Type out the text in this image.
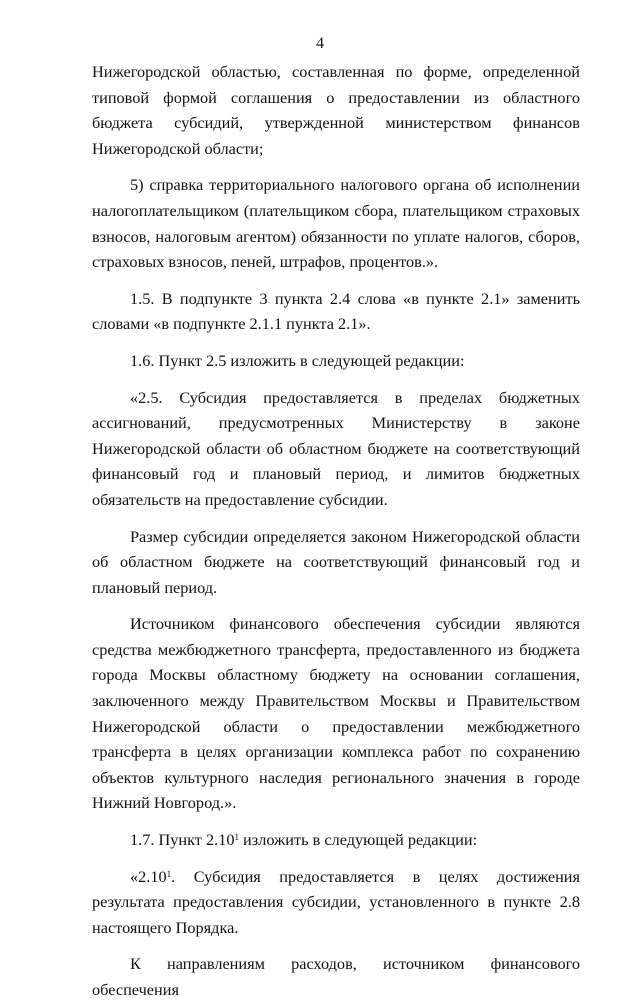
4

Нижегородской областью, составленная по форме, определенной типовой формой соглашения о предоставлении из областного бюджета субсидий, утвержденной министерством финансов Нижегородской области;

5) справка территориального налогового органа об исполнении налогоплательщиком (плательщиком сбора, плательщиком страховых взносов, налоговым агентом) обязанности по уплате налогов, сборов, страховых взносов, пеней, штрафов, процентов.».

1.5. В подпункте 3 пункта 2.4 слова «в пункте 2.1» заменить словами «в подпункте 2.1.1 пункта 2.1».

1.6. Пункт 2.5 изложить в следующей редакции:

«2.5. Субсидия предоставляется в пределах бюджетных ассигнований, предусмотренных Министерству в законе Нижегородской области об областном бюджете на соответствующий финансовый год и плановый период, и лимитов бюджетных обязательств на предоставление субсидии.

Размер субсидии определяется законом Нижегородской области об областном бюджете на соответствующий финансовый год и плановый период.

Источником финансового обеспечения субсидии являются средства межбюджетного трансферта, предоставленного из бюджета города Москвы областному бюджету на основании соглашения, заключенного между Правительством Москвы и Правительством Нижегородской области о предоставлении межбюджетного трансферта в целях организации комплекса работ по сохранению объектов культурного наследия регионального значения в городе Нижний Новгород.».

1.7. Пункт 2.10$^1$ изложить в следующей редакции:

«2.10$^1$. Субсидия предоставляется в целях достижения результата предоставления субсидии, установленного в пункте 2.8 настоящего Порядка.

К направлениям расходов, источником финансового обеспечения
